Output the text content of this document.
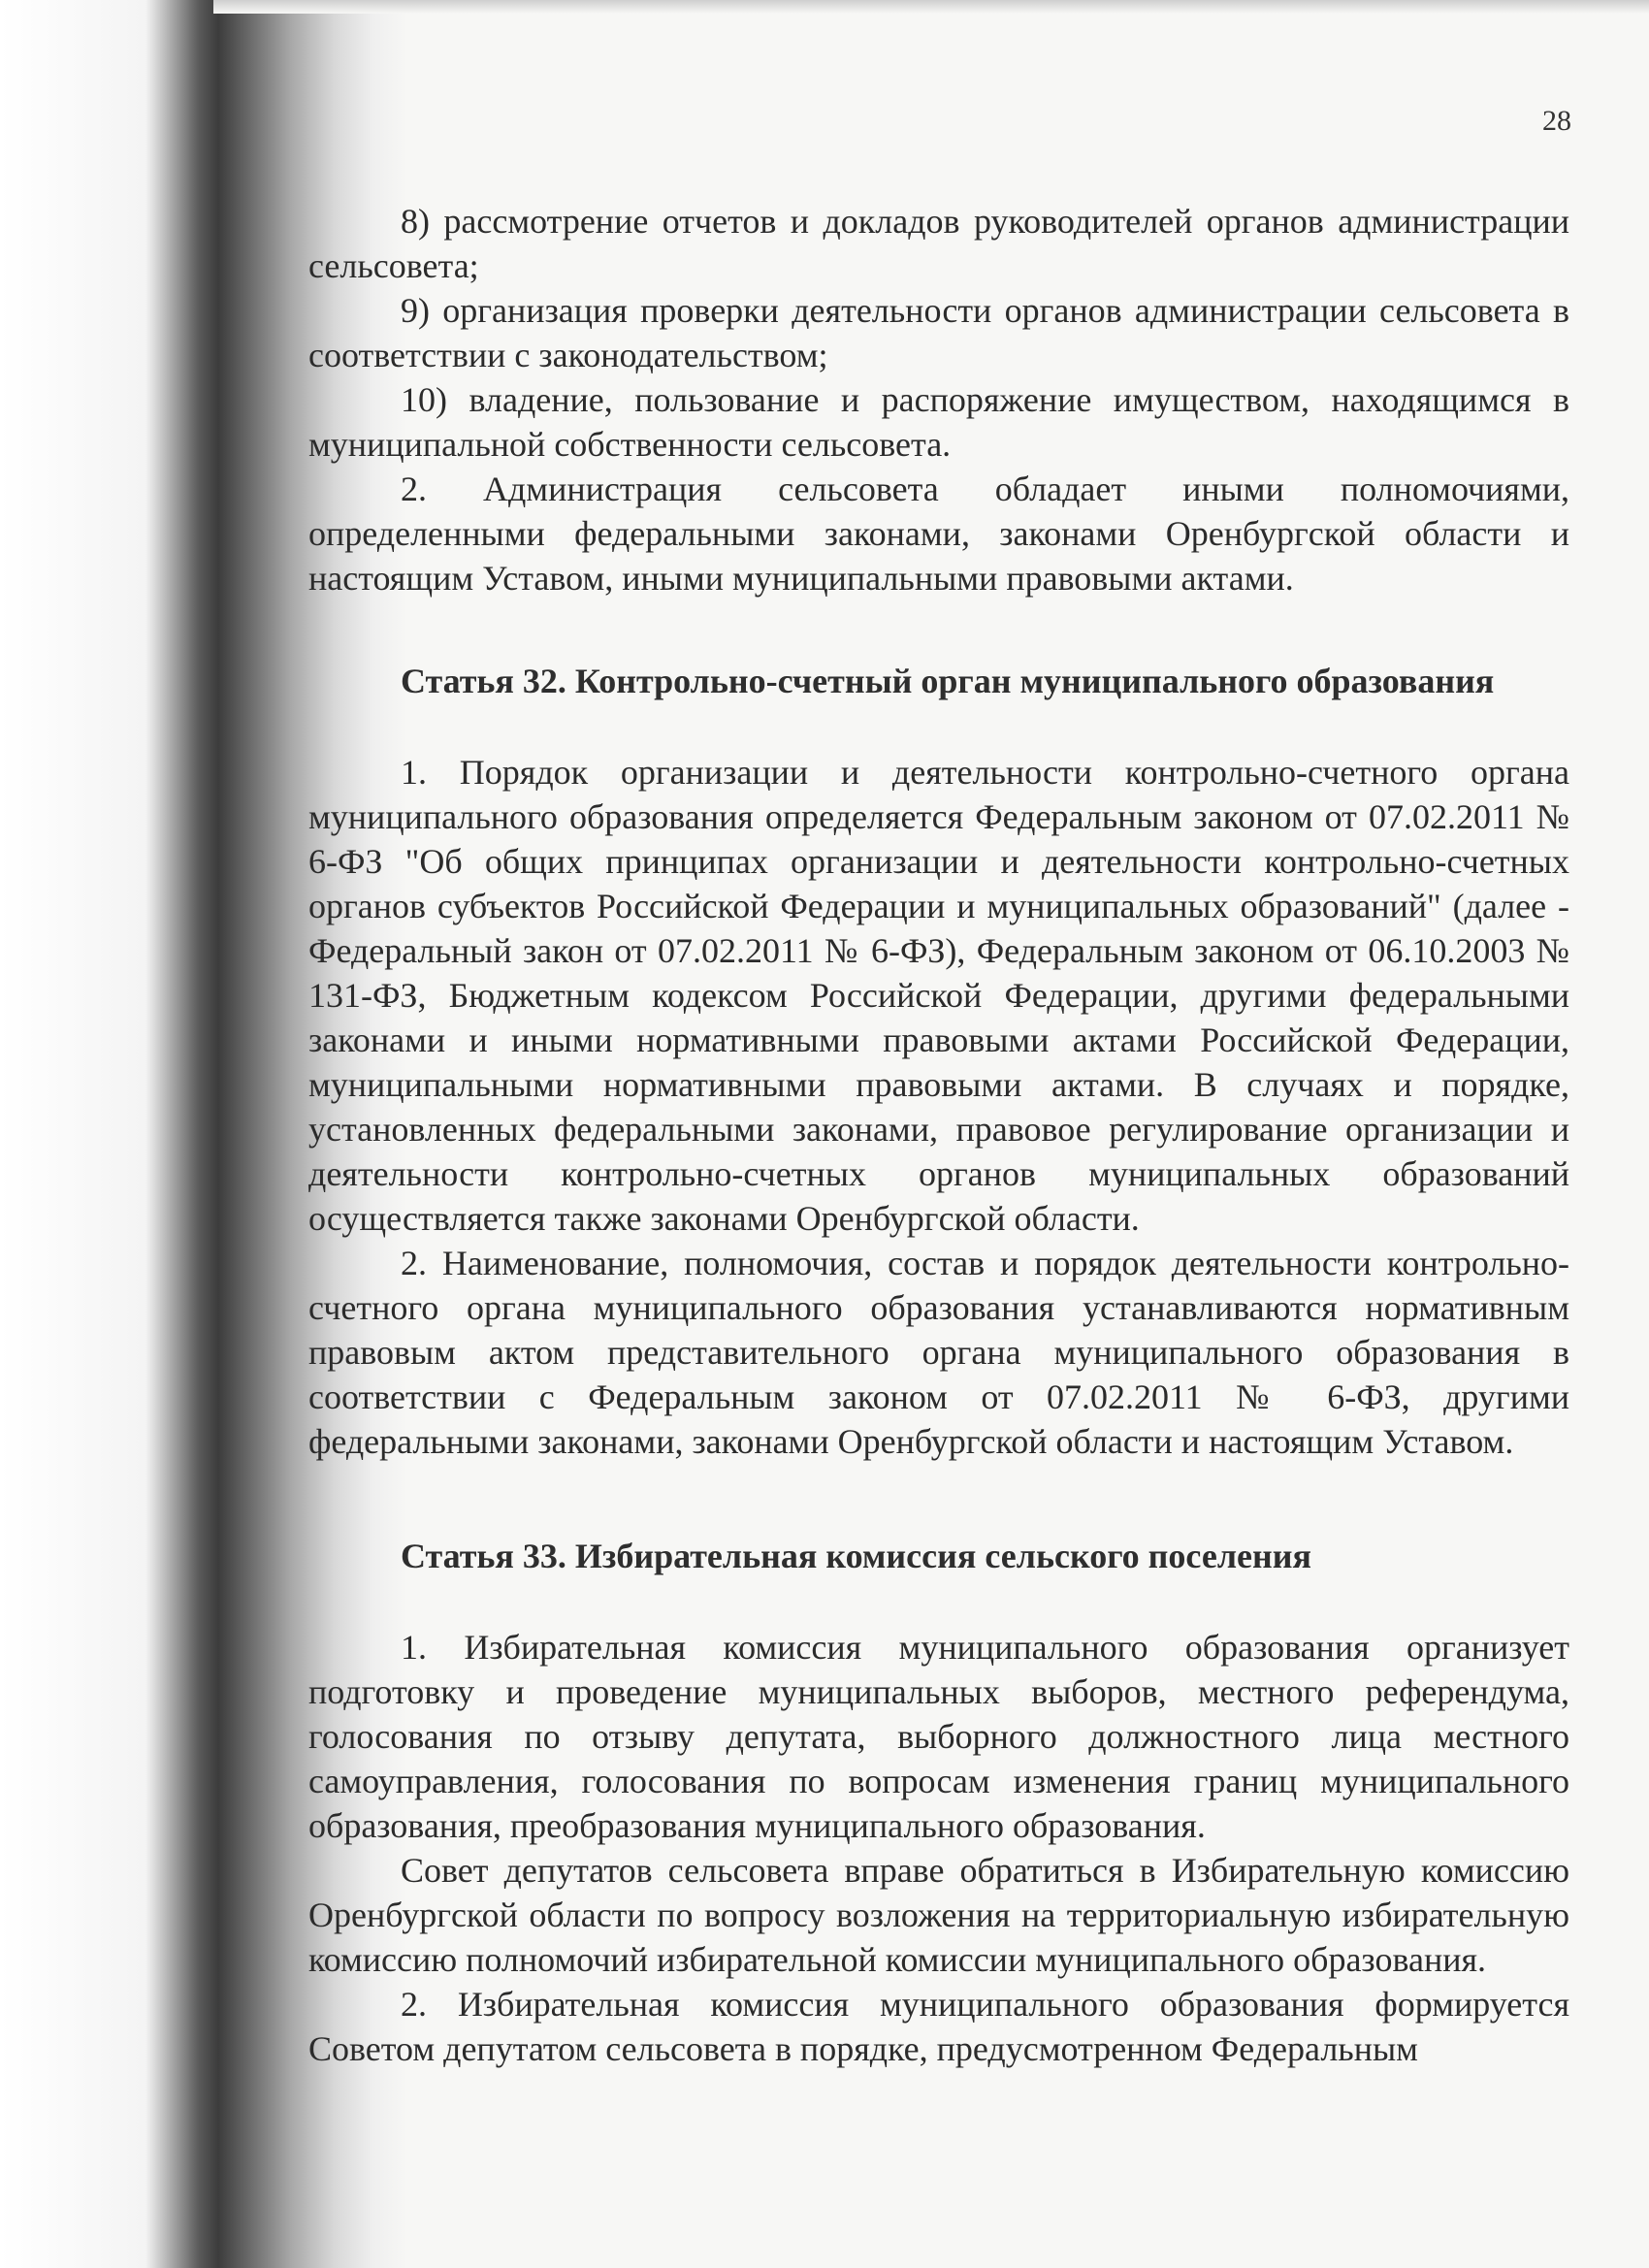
28

8) рассмотрение отчетов и докладов руководителей органов администрации сельсовета;

9) организация проверки деятельности органов администрации сельсовета в соответствии с законодательством;

10) владение, пользование и распоряжение имуществом, находящимся в муниципальной собственности сельсовета.

2. Администрация сельсовета обладает иными полномочиями, определенными федеральными законами, законами Оренбургской области и настоящим Уставом, иными муниципальными правовыми актами.

Статья 32. Контрольно-счетный орган муниципального образования

1. Порядок организации и деятельности контрольно-счетного органа муниципального образования определяется Федеральным законом от 07.02.2011 № 6-ФЗ "Об общих принципах организации и деятельности контрольно-счетных органов субъектов Российской Федерации и муниципальных образований" (далее - Федеральный закон от 07.02.2011 № 6-ФЗ), Федеральным законом от 06.10.2003 № 131-ФЗ, Бюджетным кодексом Российской Федерации, другими федеральными законами и иными нормативными правовыми актами Российской Федерации, муниципальными нормативными правовыми актами. В случаях и порядке, установленных федеральными законами, правовое регулирование организации и деятельности контрольно-счетных органов муниципальных образований осуществляется также законами Оренбургской области.

2. Наименование, полномочия, состав и порядок деятельности контрольно-счетного органа муниципального образования устанавливаются нормативным правовым актом представительного органа муниципального образования в соответствии с Федеральным законом от 07.02.2011 № 6-ФЗ, другими федеральными законами, законами Оренбургской области и настоящим Уставом.

Статья 33. Избирательная комиссия сельского поселения

1. Избирательная комиссия муниципального образования организует подготовку и проведение муниципальных выборов, местного референдума, голосования по отзыву депутата, выборного должностного лица местного самоуправления, голосования по вопросам изменения границ муниципального образования, преобразования муниципального образования.

Совет депутатов сельсовета вправе обратиться в Избирательную комиссию Оренбургской области по вопросу возложения на территориальную избирательную комиссию полномочий избирательной комиссии муниципального образования.

2. Избирательная комиссия муниципального образования формируется Советом депутатом сельсовета в порядке, предусмотренном Федеральным
